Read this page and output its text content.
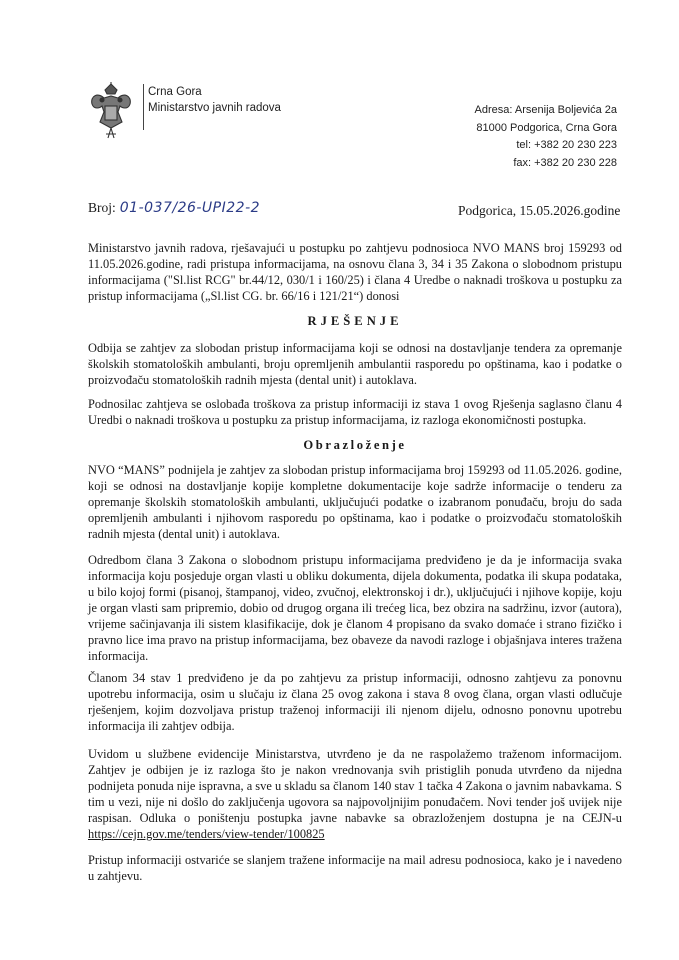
Crna Gora
Ministarstvo javnih radova	Adresa: Arsenija Boljevića 2a
81000 Podgorica, Crna Gora
tel: +382 20 230 223
fax: +382 20 230 228
Broj: 01-037/26-UPI22-2	Podgorica, 15.05.2026.godine
Ministarstvo javnih radova, rješavajući u postupku po zahtjevu podnosioca NVO MANS broj 159293 od 11.05.2026.godine, radi pristupa informacijama, na osnovu člana 3, 34 i 35 Zakona o slobodnom pristupu informacijama ("Sl.list RCG" br.44/12, 030/1 i 160/25) i člana 4 Uredbe o naknadi troškova u postupku za pristup informacijama („Sl.list CG. br. 66/16 i 121/21“) donosi
RJEŠENJE
Odbija se zahtjev za slobodan pristup informacijama koji se odnosi na dostavljanje tendera za opremanje školskih stomatoloških ambulanti, broju opremljenih ambulantii rasporedu po opštinama, kao i podatke o proizvođaču stomatoloških radnih mjesta (dental unit) i autoklava.
Podnosilac zahtjeva se oslobađa troškova za pristup informaciji iz stava 1 ovog Rješenja saglasno članu 4 Uredbi o naknadi troškova u postupku za pristup informacijama, iz razloga ekonomičnosti postupka.
Obrazloženje
NVO “MANS” podnijela je zahtjev za slobodan pristup informacijama broj 159293 od 11.05.2026. godine, koji se odnosi na dostavljanje kopije kompletne dokumentacije koje sadrže informacije o tenderu za opremanje školskih stomatoloških ambulanti, uključujući podatke o izabranom ponuđaču, broju do sada opremljenih ambulanti i njihovom rasporedu po opštinama, kao i podatke o proizvođaču stomatoloških radnih mjesta (dental unit) i autoklava.
Odredbom člana 3 Zakona o slobodnom pristupu informacijama predviđeno je da je informacija svaka informacija koju posjeduje organ vlasti u obliku dokumenta, dijela dokumenta, podatka ili skupa podataka, u bilo kojoj formi (pisanoj, štampanoj, video, zvučnoj, elektronskoj i dr.), uključujući i njihove kopije, koju je organ vlasti sam pripremio, dobio od drugog organa ili trećeg lica, bez obzira na sadržinu, izvor (autora), vrijeme sačinjavanja ili sistem klasifikacije, dok je članom 4 propisano da svako domaće i strano fizičko i pravno lice ima pravo na pristup informacijama, bez obaveze da navodi razloge i objašnjava interes tražena informacija.
Članom 34 stav 1 predviđeno je da po zahtjevu za pristup informaciji, odnosno zahtjevu za ponovnu upotrebu informacija, osim u slučaju iz člana 25 ovog zakona i stava 8 ovog člana, organ vlasti odlučuje rješenjem, kojim dozvoljava pristup traženoj informaciji ili njenom dijelu, odnosno ponovnu upotrebu informacija ili zahtjev odbija.
Uvidom u službene evidencije Ministarstva, utvrđeno je da ne raspolažemo traženom informacijom. Zahtjev je odbijen je iz razloga što je nakon vrednovanja svih pristiglih ponuda utvrđeno da nijedna podnijeta ponuda nije ispravna, a sve u skladu sa članom 140 stav 1 tačka 4 Zakona o javnim nabavkama. S tim u vezi, nije ni došlo do zaključenja ugovora sa najpovoljnijim ponuđačem. Novi tender još uvijek nije raspisan. Odluka o poništenju postupka javne nabavke sa obrazloženjem dostupna je na CEJN-u https://cejn.gov.me/tenders/view-tender/100825
Pristup informaciji ostvariće se slanjem tražene informacije na mail adresu podnosioca, kako je i navedeno u zahtjevu.
